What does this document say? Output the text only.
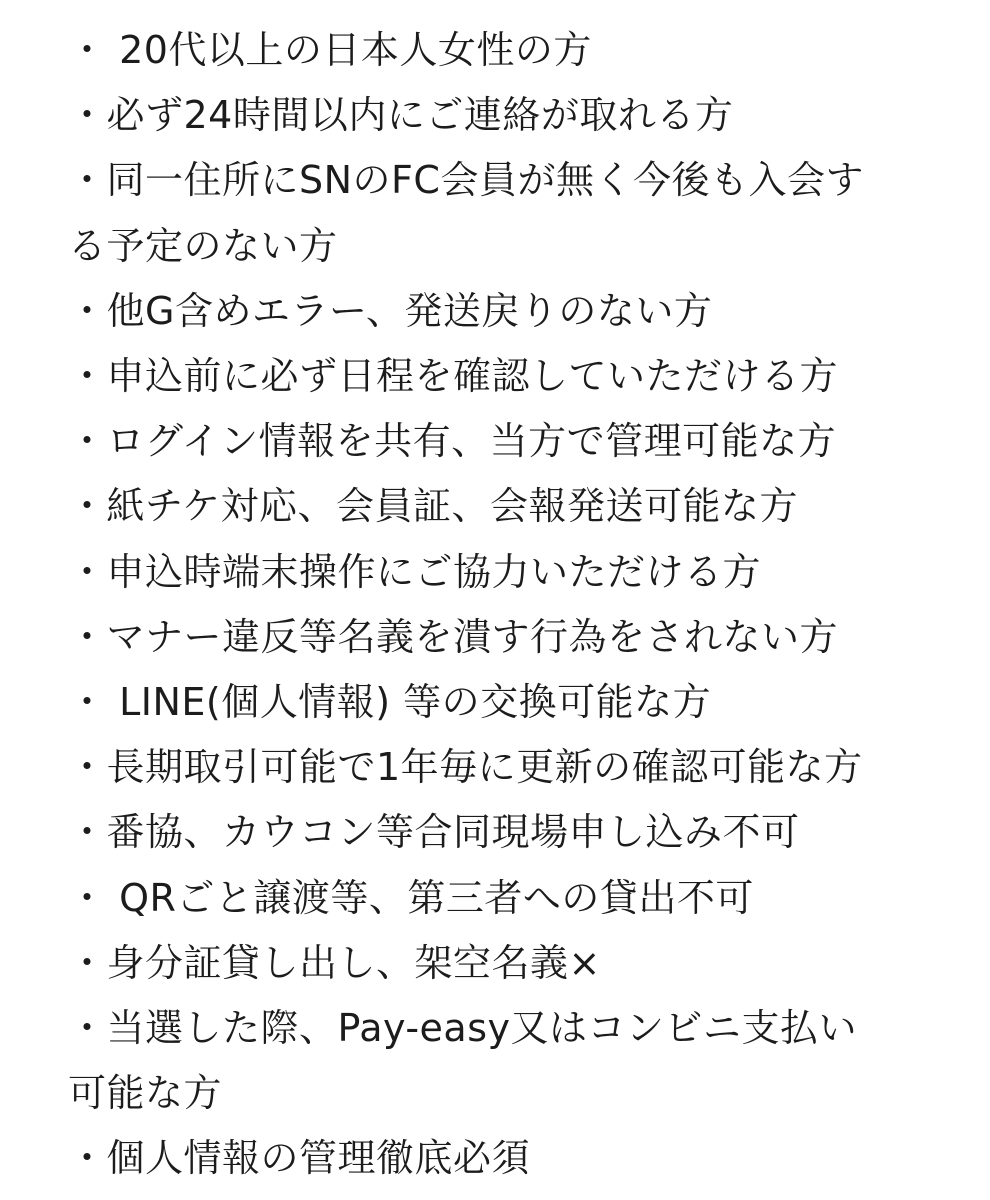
・ 20代以上の日本人女性の方

・必ず24時間以内にご連絡が取れる方

・同一住所にSNのFC会員が無く今後も入会す

る予定のない方

・他G含めエラー、発送戻りのない方

・申込前に必ず日程を確認していただける方

・ログイン情報を共有、当方で管理可能な方

・紙チケ対応、会員証、会報発送可能な方

・申込時端末操作にご協力いただける方

・マナー違反等名義を潰す行為をされない方

・ LINE(個人情報) 等の交換可能な方

・長期取引可能で1年毎に更新の確認可能な方

・番協、カウコン等合同現場申し込み不可

・ QRごと譲渡等、第三者への貸出不可

・身分証貸し出し、架空名義×

・当選した際、Pay-easy又はコンビニ支払い

可能な方

・個人情報の管理徹底必須
